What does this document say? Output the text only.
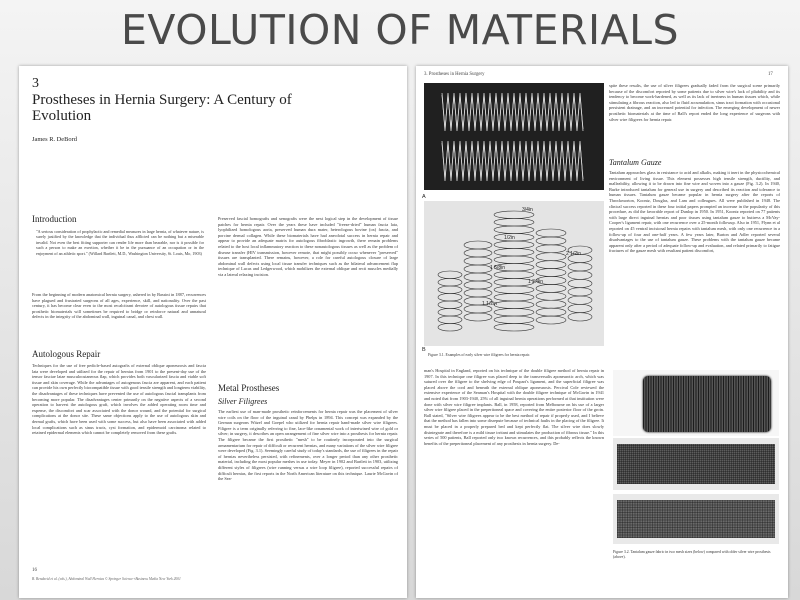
EVOLUTION OF MATERIALS
3
Prostheses in Hernia Surgery: A Century of Evolution
James R. DeBord
Introduction
"A serious consideration of prophylactic and remedial measures in large hernia, of whatever nature, is surely justified by the knowledge that the individual thus afflicted can be nothing but a miserable invalid. Not even the best fitting supporter can render life more than bearable, nor is it possible for such a person to make an exertion, whether it be in the pursuance of an occupation or in the enjoyment of an athletic sport." (Willard Bartlett, M.D., Washington University, St. Louis, Mo, 1903)
From the beginning of modern anatomical hernia surgery, ushered in by Bassini in 1887, recurrences have plagued and frustrated surgeons of all ages, experience, skill, and nationality. Over the past century, it has become clear even to the most recalcitrant devotee of autologous tissue repairs that prosthetic biomaterials will sometimes be required to bridge or reinforce natural and unnatural defects in the integrity of the abdominal wall, inguinal canal, and chest wall.
Autologous Repair
Techniques for the use of free pedicle-based autografts of external oblique aponeurosis and fascia lata were developed and utilized for the repair of hernias from 1901 to the present-day use of the tensor fasciae latae musculocutaneous flap, which provides both vascularized fascia and viable soft tissue and skin coverage. While the advantages of autogenous fascia are apparent, and each patient can provide his own perfectly biocompatible tissue with good tensile strength and longterm viability, the disadvantages of these techniques have prevented the use of autologous fascial transplants from becoming more popular. The disadvantages center primarily on the negative aspects of a second operation to harvest the autologous graft, which involves the added operating room time and expense, the discomfort and scar associated with the donor wound, and the potential for surgical complications at the donor site. These same objections apply to the use of autologous skin and dermal grafts, which have been used with some success, but also have been associated with added local complications such as sinus tracts, cyst formation, and epidermoid carcinoma related to retained epidermal elements which cannot be completely removed from these grafts.
Preserved fascial homografts and xenografts were the next logical step in the development of tissue patches for hernia repair. Over the years these have included "freeze-dried" human fascia lata, lyophilized homologous aorta, preserved human dura mater, heterologous bovine (ox) fascia, and porcine dermal collagen. While these biomaterials have had anecdotal success in hernia repair and appear to provide an adequate matrix for autologous fibroblastic ingrowth, there remain problems related to the host local inflammatory reaction to these nonautologous tissues as well as the problem of disease transfer (HIV transmission, however remote, that might possibly occur whenever "preserved" tissues are transplanted. There remains, however, a role for careful autologous closure of large abdominal wall defects using local tissue transfer techniques such as the bilateral advancement flap technique of Lucas and Ledgerwood, which mobilizes the external oblique and recti muscles medially via a lateral relaxing incision.
Metal Prostheses
Silver Filigrees
The earliest use of man-made prosthetic reinforcements for hernia repair was the placement of silver wire coils on the floor of the inguinal canal by Phelps in 1894. This concept was expanded by the German surgeons Witzel and Goepel who utilized for hernia repair hand-made silver wire filigrees. Filigree is a term originally referring to fine, lace-like ornamental work of intertwined wire of gold or silver; in surgery, it describes an open arrangement of fine silver wire into a prosthesis for hernia repair. The filigree became the first prosthetic "mesh" to be routinely incorporated into the surgical armamentarium for repair of difficult or recurrent hernias, and many variations of the silver wire filigree were developed (Fig. 3.1). Seemingly careful study of today's standards, the use of filigrees in the repair of hernias nevertheless persisted, with refinements, over a longer period than any other prosthetic material, including the most popular meshes in use today. Meyer in 1902 and Bartlett in 1903, utilizing different styles of filigrees (wire running versus a wire loop filigree), reported successful repairs of difficult hernias, the first reports in the North American literature on this technique. Laurie McGavin of the Sea-
16
B. Bendavid et al. (eds.), Abdominal Wall Hernias © Springer Science+Business Media New York 2001
3. Prostheses in Hernia Surgery	17
A
3/4in
1/2in
2 1/2in
1 5/8in
1 3/4in
1 1/2in
B
Figure 3.1. Examples of early silver wire filigrees for hernia repair.
spite these results, the use of silver filigrees gradually faded from the surgical scene primarily because of the discomfort reported by some patients due to silver wire's lack of pliability and its tendency to become work-hardened, as well as its lack of inertness in human tissues which, while stimulating a fibrous reaction, also led to fluid accumulation, sinus tract formation with occasional persistent drainage, and an increased potential for infection. The emerging development of newer prosthetic biomaterials at the time of Ball's report ended the long experience of surgeons with silver wire filigrees for hernia repair.
Tantalum Gauze
Tantalum approaches glass in resistance to acid and alkalis, making it inert in the physicochemical environment of living tissue. This element possesses high tensile strength, ductility, and malleability, allowing it to be drawn into fine wire and woven into a gauze (Fig. 3.2). In 1940, Burke introduced tantalum for general use in surgery and described its reaction and tolerance to human tissues. Tantalum gauze became popular in hernia surgery after the reports of Throckmorton, Koontz, Douglas, and Lam and colleagues. All were published in 1948. The clinical success reported in these four initial papers prompted an increase in the popularity of this procedure, as did the favorable report of Dunlop in 1950. In 1951, Koontz reported on 77 patients with large direct inguinal hernias and poor tissues using tantalum gauze to buttress a McVay-Cooper's ligament repair, with one recurrence over a 25-month followup. Also in 1951, Flynn et al reported on 45 ventral incisional hernia repairs with tantalum mesh, with only one recurrence in a follow-up of four and one-half years. A few years later, Burton and Adler reported several disadvantages to the use of tantalum gauze. These problems with the tantalum gauze became apparent only after a period of adequate follow-up and evaluation, and related primarily to fatigue fractures of the gauze mesh with resultant patient discomfort,
man's Hospital in England, reported on his technique of the double filigree method of hernia repair in 1907. In this technique one filigree was placed deep to the transversalis aponeurotic arch, which was sutured over the filigree to the shelving edge of Poupart's ligament, and the superficial filigree was placed above the cord and beneath the external oblique aponeurosis. Percival Cole reviewed the extensive experience of the Seaman's Hospital with the double filigree technique of McGavin in 1941 and noted that from 1903-1940, 25% of all inguinal hernia operations performed at that institution were done with silver wire filigree implants. Ball, in 1958, reported from Melbourne on his use of a larger silver wire filigree placed in the preperitoneal space and covering the entire posterior floor of the groin. Ball stated, "Silver wire filigrees appear to be the best method of repair if properly used, and I believe that the method has fallen into some disrepute because of technical faults in the placing of the filigree. It must be placed in a properly prepared bed and kept perfectly flat. The silver wire does slowly disintegrate and therefore is a mild tissue irritant and stimulates the production of fibrous tissue." In this series of 500 patients, Ball reported only two known recurrences, and this probably reflects the known benefits of the preperitoneal placement of any prosthesis in hernia surgery. De-
Figure 3.2. Tantalum gauze fabric in two mesh sizes (below) compared with older silver wire prosthesis (above).
